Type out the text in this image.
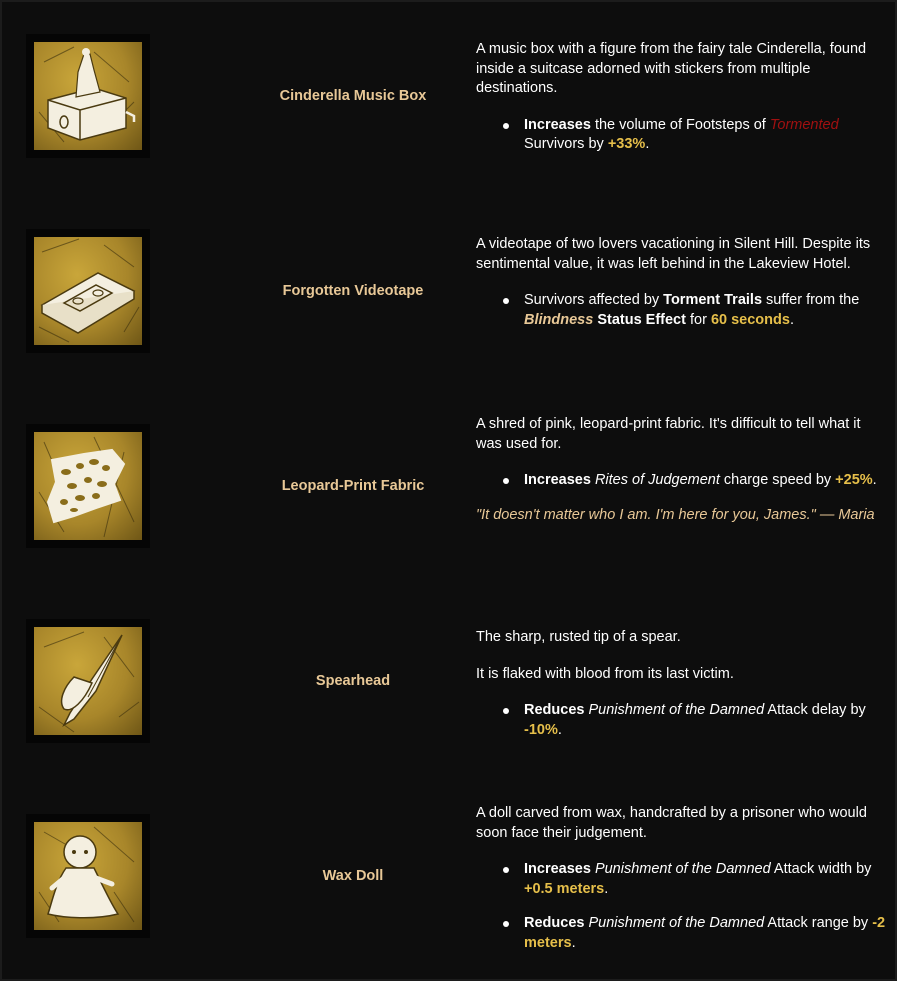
Cinderella Music Box

A music box with a figure from the fairy tale Cinderella, found inside a suitcase adorned with stickers from multiple destinations.

Increases the volume of Footsteps of Tormented Survivors by +33%.
Forgotten Videotape

A videotape of two lovers vacationing in Silent Hill. Despite its sentimental value, it was left behind in the Lakeview Hotel.

Survivors affected by Torment Trails suffer from the Blindness Status Effect for 60 seconds.
Leopard-Print Fabric

A shred of pink, leopard-print fabric. It's difficult to tell what it was used for.

Increases Rites of Judgement charge speed by +25%.

"It doesn't matter who I am. I'm here for you, James." — Maria

Spearhead

The sharp, rusted tip of a spear.

It is flaked with blood from its last victim.

Reduces Punishment of the Damned Attack delay by -10%.
Wax Doll

A doll carved from wax, handcrafted by a prisoner who would soon face their judgement.

Increases Punishment of the Damned Attack width by +0.5 meters.
Reduces Punishment of the Damned Attack range by -2 meters.
